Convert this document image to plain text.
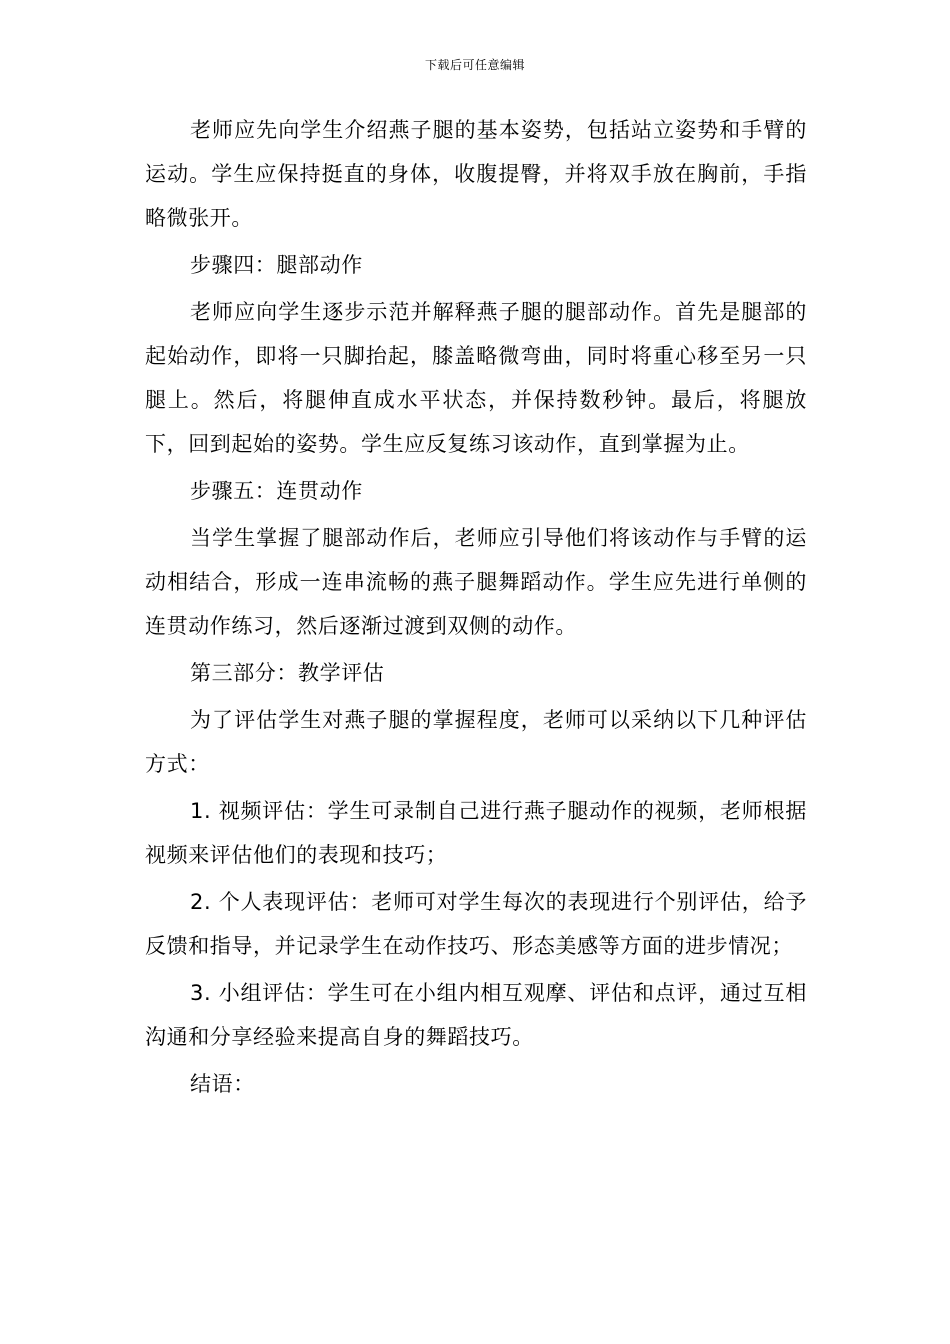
下载后可任意编辑

老师应先向学生介绍燕子腿的基本姿势，包括站立姿势和手臂的运动。学生应保持挺直的身体，收腹提臀，并将双手放在胸前，手指略微张开。

步骤四：腿部动作

老师应向学生逐步示范并解释燕子腿的腿部动作。首先是腿部的起始动作，即将一只脚抬起，膝盖略微弯曲，同时将重心移至另一只腿上。然后，将腿伸直成水平状态，并保持数秒钟。最后，将腿放下，回到起始的姿势。学生应反复练习该动作，直到掌握为止。

步骤五：连贯动作

当学生掌握了腿部动作后，老师应引导他们将该动作与手臂的运动相结合，形成一连串流畅的燕子腿舞蹈动作。学生应先进行单侧的连贯动作练习，然后逐渐过渡到双侧的动作。

第三部分：教学评估

为了评估学生对燕子腿的掌握程度，老师可以采纳以下几种评估方式：

1. 视频评估：学生可录制自己进行燕子腿动作的视频，老师根据视频来评估他们的表现和技巧；

2. 个人表现评估：老师可对学生每次的表现进行个别评估，给予反馈和指导，并记录学生在动作技巧、形态美感等方面的进步情况；

3. 小组评估：学生可在小组内相互观摩、评估和点评，通过互相沟通和分享经验来提高自身的舞蹈技巧。

结语：
